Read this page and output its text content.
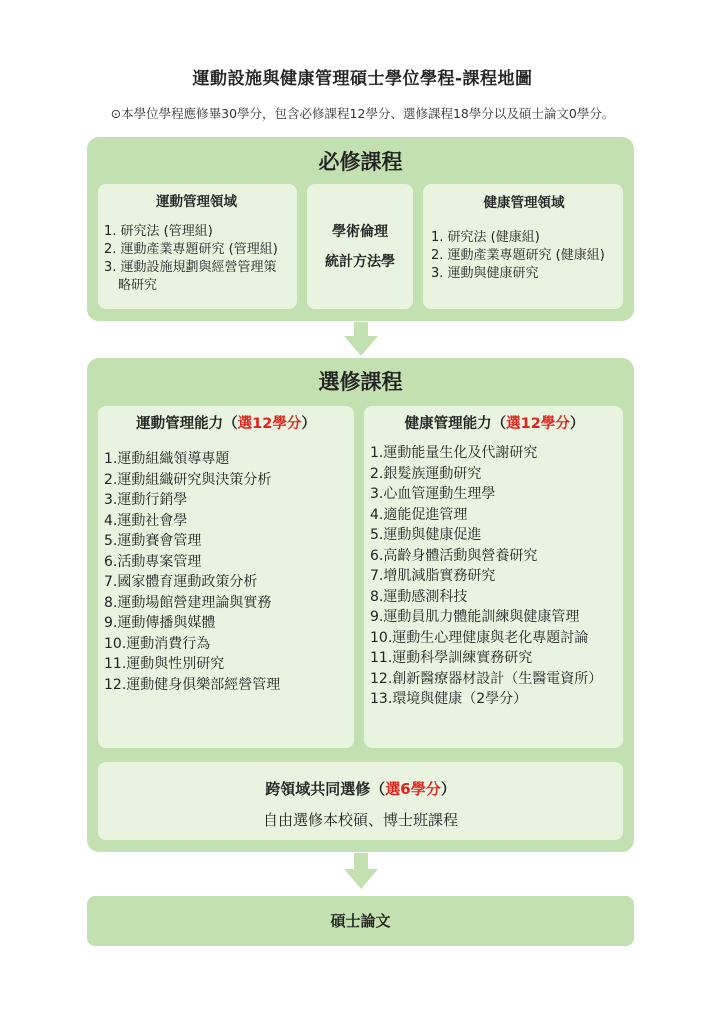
運動設施與健康管理碩士學位學程-課程地圖
⊙本學位學程應修畢30學分，包含必修課程12學分、選修課程18學分以及碩士論文0學分。
必修課程
運動管理領域
1. 研究法 (管理組)
2. 運動產業專題研究 (管理組)
3. 運動設施規劃與經營管理策略研究
學術倫理
統計方法學
健康管理領域
1. 研究法 (健康組)
2. 運動產業專題研究 (健康組)
3. 運動與健康研究
選修課程
運動管理能力（選12學分）
1.運動組織領導專題
2.運動組織研究與決策分析
3.運動行銷學
4.運動社會學
5.運動賽會管理
6.活動專案管理
7.國家體育運動政策分析
8.運動場館營建理論與實務
9.運動傳播與媒體
10.運動消費行為
11.運動與性別研究
12.運動健身俱樂部經營管理
健康管理能力（選12學分）
1.運動能量生化及代謝研究
2.銀髮族運動研究
3.心血管運動生理學
4.適能促進管理
5.運動與健康促進
6.高齡身體活動與營養研究
7.增肌減脂實務研究
8.運動感測科技
9.運動員肌力體能訓練與健康管理
10.運動生心理健康與老化專題討論
11.運動科學訓練實務研究
12.創新醫療器材設計（生醫電資所）
13.環境與健康（2學分）
跨領域共同選修（選6學分）
自由選修本校碩、博士班課程
碩士論文
